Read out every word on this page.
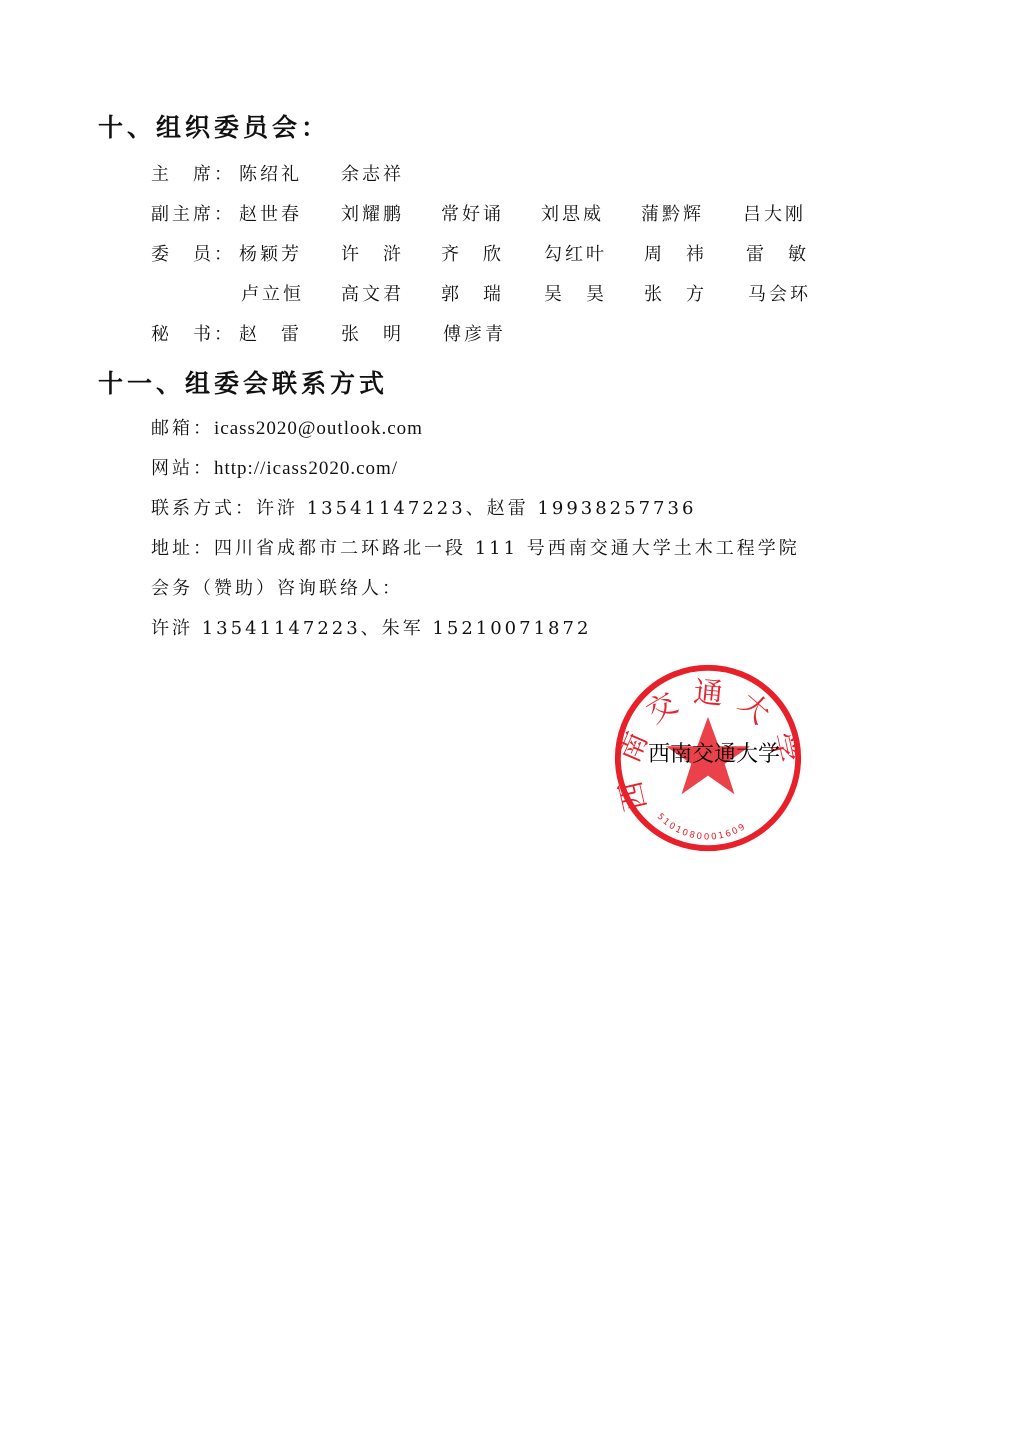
十、组织委员会：
主　席： 陈绍礼 余志祥
副主席： 赵世春 刘耀鹏 常好诵 刘思威 蒲黔辉 吕大刚
委　员： 杨颖芳 许　浒 齐　欣 勾红叶 周　祎 雷　敏
卢立恒 高文君 郭　瑞 吴　昊 张　方 马会环
秘　书： 赵　雷 张　明 傅彦青
十一、组委会联系方式
邮箱：icass2020@outlook.com
网站：http://icass2020.com/
联系方式：许浒 13541147223、赵雷 19938257736
地址：四川省成都市二环路北一段 111 号西南交通大学土木工程学院
会务（赞助）咨询联络人：
许浒 13541147223、朱军 15210071872
西南交通大学
5101080001609
西南交通大学
